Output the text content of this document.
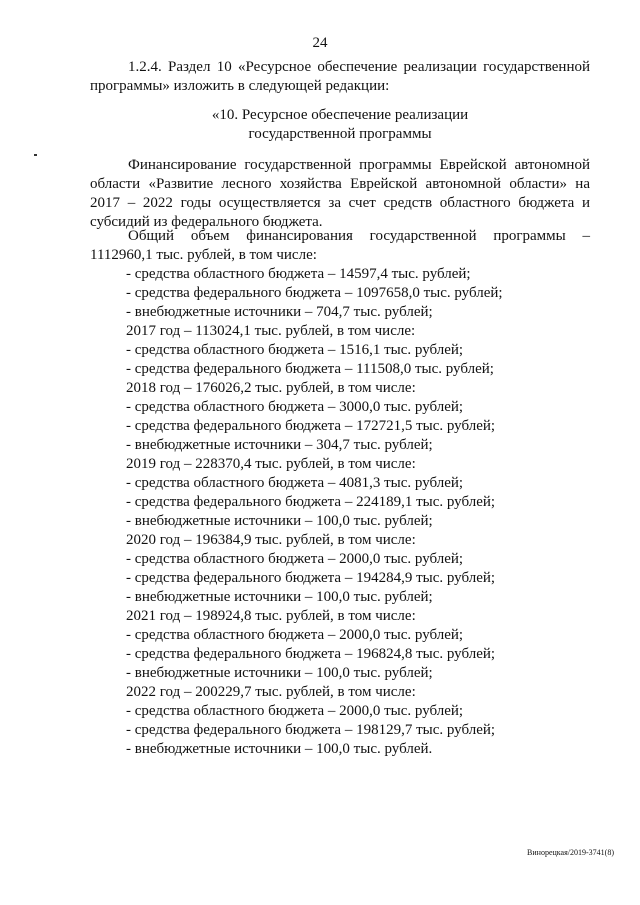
24
1.2.4. Раздел 10 «Ресурсное обеспечение реализации государственной программы» изложить в следующей редакции:
«10. Ресурсное обеспечение реализации
государственной программы
Финансирование государственной программы Еврейской автономной области «Развитие лесного хозяйства Еврейской автономной области» на 2017 – 2022 годы осуществляется за счет средств областного бюджета и субсидий из федерального бюджета.
Общий объем финансирования государственной программы – 1112960,1 тыс. рублей, в том числе:
- средства областного бюджета – 14597,4 тыс. рублей;
- средства федерального бюджета – 1097658,0 тыс. рублей;
- внебюджетные источники – 704,7 тыс. рублей;
2017 год – 113024,1 тыс. рублей, в том числе:
- средства областного бюджета – 1516,1 тыс. рублей;
- средства федерального бюджета – 111508,0 тыс. рублей;
2018 год – 176026,2 тыс. рублей, в том числе:
- средства областного бюджета – 3000,0 тыс. рублей;
- средства федерального бюджета – 172721,5 тыс. рублей;
- внебюджетные источники – 304,7 тыс. рублей;
2019 год – 228370,4 тыс. рублей, в том числе:
- средства областного бюджета – 4081,3 тыс. рублей;
- средства федерального бюджета – 224189,1 тыс. рублей;
- внебюджетные источники – 100,0 тыс. рублей;
2020 год – 196384,9 тыс. рублей, в том числе:
- средства областного бюджета – 2000,0 тыс. рублей;
- средства федерального бюджета – 194284,9 тыс. рублей;
- внебюджетные источники – 100,0 тыс. рублей;
2021 год – 198924,8 тыс. рублей, в том числе:
- средства областного бюджета – 2000,0 тыс. рублей;
- средства федерального бюджета – 196824,8 тыс. рублей;
- внебюджетные источники – 100,0 тыс. рублей;
2022 год – 200229,7 тыс. рублей, в том числе:
- средства областного бюджета – 2000,0 тыс. рублей;
- средства федерального бюджета – 198129,7 тыс. рублей;
- внебюджетные источники – 100,0 тыс. рублей.
Винорецкая/2019-3741(8)
